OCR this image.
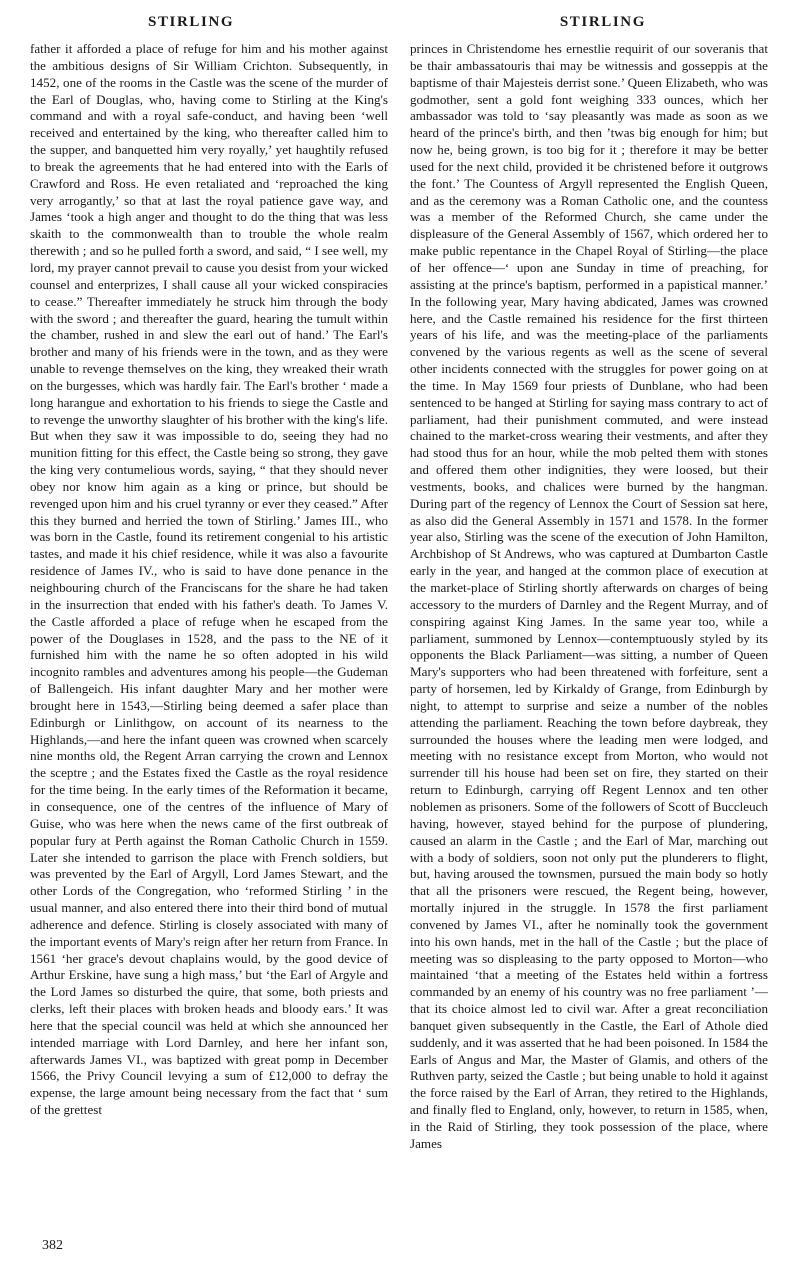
STIRLING	STIRLING

father it afforded a place of refuge for him and his mother against the ambitious designs of Sir William Crichton. Subsequently, in 1452, one of the rooms in the Castle was the scene of the murder of the Earl of Douglas, who, having come to Stirling at the King's command and with a royal safe-conduct, and having been ‘well received and entertained by the king, who thereafter called him to the supper, and banquetted him very royally,’ yet haughtily refused to break the agreements that he had entered into with the Earls of Crawford and Ross. He even retaliated and ‘reproached the king very arrogantly,’ so that at last the royal patience gave way, and James ‘took a high anger and thought to do the thing that was less skaith to the commonwealth than to trouble the whole realm therewith ; and so he pulled forth a sword, and said, “ I see well, my lord, my prayer cannot prevail to cause you desist from your wicked counsel and enterprizes, I shall cause all your wicked conspiracies to cease.” Thereafter immediately he struck him through the body with the sword ; and thereafter the guard, hearing the tumult within the chamber, rushed in and slew the earl out of hand.’ The Earl's brother and many of his friends were in the town, and as they were unable to revenge themselves on the king, they wreaked their wrath on the burgesses, which was hardly fair. The Earl's brother ‘ made a long harangue and exhortation to his friends to siege the Castle and to revenge the unworthy slaughter of his brother with the king's life. But when they saw it was impossible to do, seeing they had no munition fitting for this effect, the Castle being so strong, they gave the king very contumelious words, saying, “ that they should never obey nor know him again as a king or prince, but should be revenged upon him and his cruel tyranny or ever they ceased.” After this they burned and herried the town of Stirling.’ James III., who was born in the Castle, found its retirement congenial to his artistic tastes, and made it his chief residence, while it was also a favourite residence of James IV., who is said to have done penance in the neighbouring church of the Franciscans for the share he had taken in the insurrection that ended with his father's death. To James V. the Castle afforded a place of refuge when he escaped from the power of the Douglases in 1528, and the pass to the NE of it furnished him with the name he so often adopted in his wild incognito rambles and adventures among his people—the Gudeman of Ballengeich. His infant daughter Mary and her mother were brought here in 1543,—Stirling being deemed a safer place than Edinburgh or Linlithgow, on account of its nearness to the Highlands,—and here the infant queen was crowned when scarcely nine months old, the Regent Arran carrying the crown and Lennox the sceptre ; and the Estates fixed the Castle as the royal residence for the time being. In the early times of the Reformation it became, in consequence, one of the centres of the influence of Mary of Guise, who was here when the news came of the first outbreak of popular fury at Perth against the Roman Catholic Church in 1559. Later she intended to garrison the place with French soldiers, but was prevented by the Earl of Argyll, Lord James Stewart, and the other Lords of the Congregation, who ‘reformed Stirling ’ in the usual manner, and also entered there into their third bond of mutual adherence and defence. Stirling is closely associated with many of the important events of Mary's reign after her return from France. In 1561 ‘her grace's devout chaplains would, by the good device of Arthur Erskine, have sung a high mass,’ but ‘the Earl of Argyle and the Lord James so disturbed the quire, that some, both priests and clerks, left their places with broken heads and bloody ears.’ It was here that the special council was held at which she announced her intended marriage with Lord Darnley, and here her infant son, afterwards James VI., was baptized with great pomp in December 1566, the Privy Council levying a sum of £12,000 to defray the expense, the large amount being necessary from the fact that ‘ sum of the grettest

princes in Christendome hes ernestlie requirit of our soveranis that be thair ambassatouris thai may be witnessis and gosseppis at the baptisme of thair Majesteis derrist sone.’ Queen Elizabeth, who was godmother, sent a gold font weighing 333 ounces, which her ambassador was told to ‘say pleasantly was made as soon as we heard of the prince's birth, and then ’twas big enough for him; but now he, being grown, is too big for it ; therefore it may be better used for the next child, provided it be christened before it outgrows the font.’ The Countess of Argyll represented the English Queen, and as the ceremony was a Roman Catholic one, and the countess was a member of the Reformed Church, she came under the displeasure of the General Assembly of 1567, which ordered her to make public repentance in the Chapel Royal of Stirling—the place of her offence—‘ upon ane Sunday in time of preaching, for assisting at the prince's baptism, performed in a papistical manner.’ In the following year, Mary having abdicated, James was crowned here, and the Castle remained his residence for the first thirteen years of his life, and was the meeting-place of the parliaments convened by the various regents as well as the scene of several other incidents connected with the struggles for power going on at the time. In May 1569 four priests of Dunblane, who had been sentenced to be hanged at Stirling for saying mass contrary to act of parliament, had their punishment commuted, and were instead chained to the market-cross wearing their vestments, and after they had stood thus for an hour, while the mob pelted them with stones and offered them other indignities, they were loosed, but their vestments, books, and chalices were burned by the hangman. During part of the regency of Lennox the Court of Session sat here, as also did the General Assembly in 1571 and 1578. In the former year also, Stirling was the scene of the execution of John Hamilton, Archbishop of St Andrews, who was captured at Dumbarton Castle early in the year, and hanged at the common place of execution at the market-place of Stirling shortly afterwards on charges of being accessory to the murders of Darnley and the Regent Murray, and of conspiring against King James. In the same year too, while a parliament, summoned by Lennox—contemptuously styled by its opponents the Black Parliament—was sitting, a number of Queen Mary's supporters who had been threatened with forfeiture, sent a party of horsemen, led by Kirkaldy of Grange, from Edinburgh by night, to attempt to surprise and seize a number of the nobles attending the parliament. Reaching the town before daybreak, they surrounded the houses where the leading men were lodged, and meeting with no resistance except from Morton, who would not surrender till his house had been set on fire, they started on their return to Edinburgh, carrying off Regent Lennox and ten other noblemen as prisoners. Some of the followers of Scott of Buccleuch having, however, stayed behind for the purpose of plundering, caused an alarm in the Castle ; and the Earl of Mar, marching out with a body of soldiers, soon not only put the plunderers to flight, but, having aroused the townsmen, pursued the main body so hotly that all the prisoners were rescued, the Regent being, however, mortally injured in the struggle. In 1578 the first parliament convened by James VI., after he nominally took the government into his own hands, met in the hall of the Castle ; but the place of meeting was so displeasing to the party opposed to Morton—who maintained ‘that a meeting of the Estates held within a fortress commanded by an enemy of his country was no free parliament ’—that its choice almost led to civil war. After a great reconciliation banquet given subsequently in the Castle, the Earl of Athole died suddenly, and it was asserted that he had been poisoned. In 1584 the Earls of Angus and Mar, the Master of Glamis, and others of the Ruthven party, seized the Castle ; but being unable to hold it against the force raised by the Earl of Arran, they retired to the Highlands, and finally fled to England, only, however, to return in 1585, when, in the Raid of Stirling, they took possession of the place, where James

382
